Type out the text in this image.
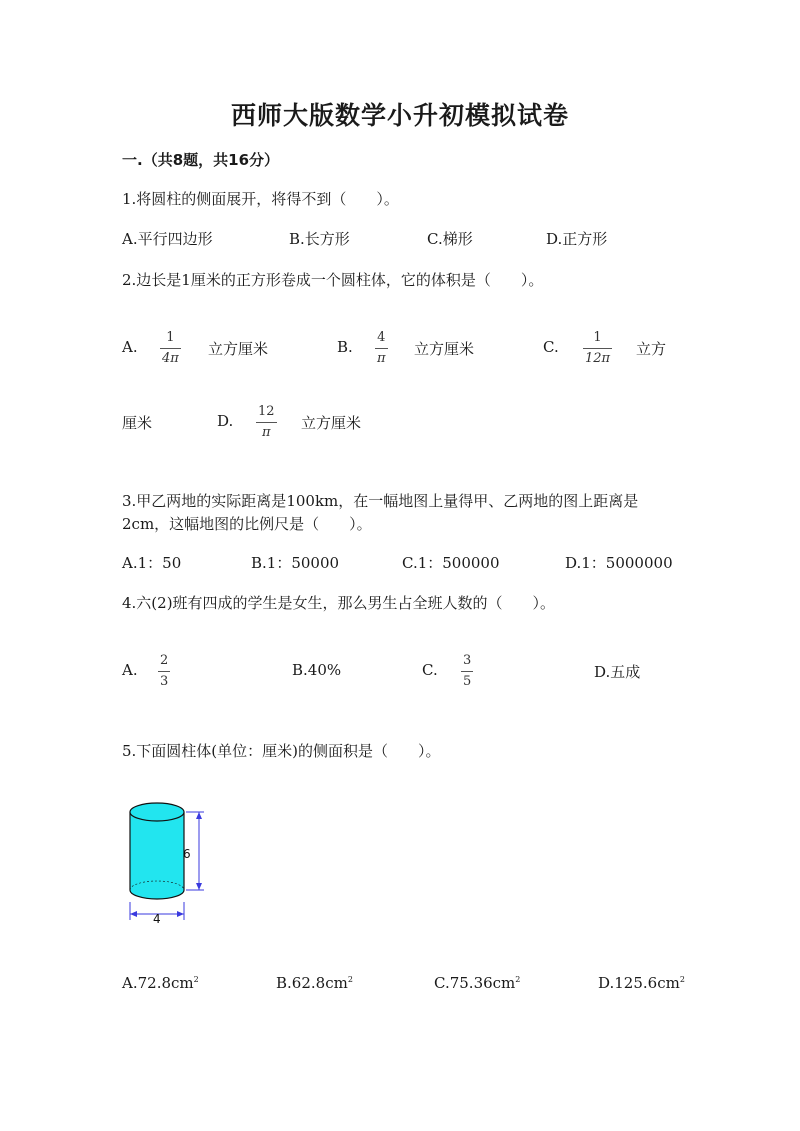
西师大版数学小升初模拟试卷
一.（共8题，共16分）
1.将圆柱的侧面展开，将得不到（　　）。
A.平行四边形	B.长方形	C.梯形	D.正方形
2.边长是1厘米的正方形卷成一个圆柱体，它的体积是（　　）。
A.
1
4π
立方厘米	B.
4
π
立方厘米	C.
1
12π
立方
厘米	D.
12
π
立方厘米
3.甲乙两地的实际距离是100km，在一幅地图上量得甲、乙两地的图上距离是
2cm，这幅地图的比例尺是（　　）。
A.1：50	B.1：50000	C.1：500000	D.1：5000000
4.六(2)班有四成的学生是女生，那么男生占全班人数的（　　）。
A.
2
3
B.40%	C.
3
5
D.五成
5.下面圆柱体(单位：厘米)的侧面积是（　　）。
6
4
$A.72.8cm^2$	$B.62.8cm^2$	$C.75.36cm^2$	$D.125.6cm^2$
